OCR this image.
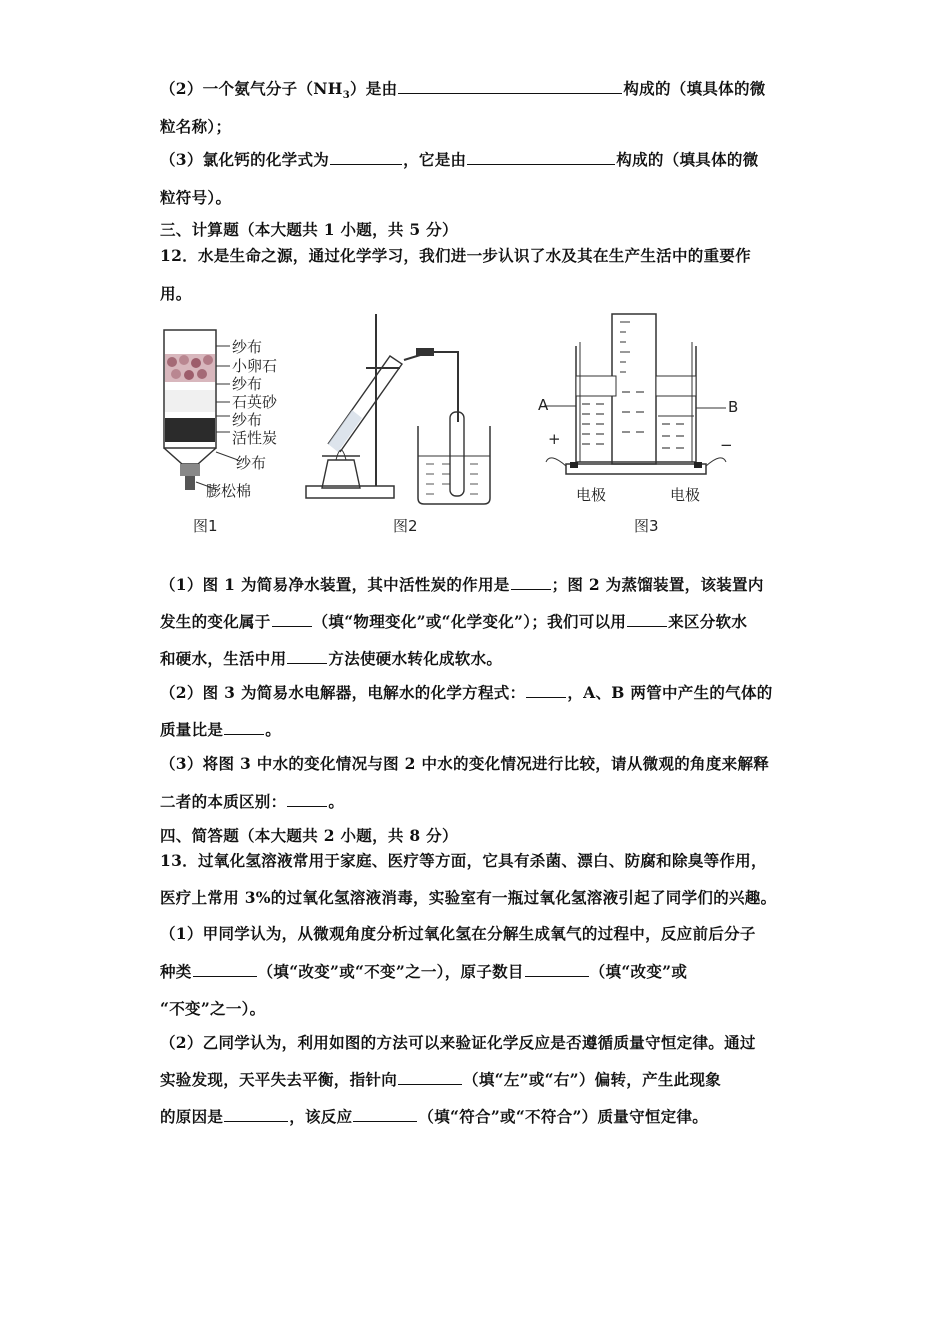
（2）一个氨气分子$(NH_3)$是由	构成的（填具体的微
粒名称）；
（3）氯化钙的化学式为	，它是由	构成的（填具体的微
粒符号）。
三、计算题（本大题共 1 小题，共 5 分）
12．水是生命之源，通过化学学习，我们进一步认识了水及其在生产生活中的重要作
用。
纱布
小卵石
纱布
石英砂
纱布
活性炭
纱布
膨松棉
图1	图2
A	B
+	−
电极	电极
图3
（1）图 1 为简易净水装置，其中活性炭的作用是	；图 2 为蒸馏装置，该装置内
发生的变化属于	（填“物理变化”或“化学变化”）；我们可以用	来区分软水
和硬水，生活中用	方法使硬水转化成软水。
（2）图 3 为简易水电解器，电解水的化学方程式：	，A、B 两管中产生的气体的
质量比是	。
（3）将图 3 中水的变化情况与图 2 中水的变化情况进行比较，请从微观的角度来解释
二者的本质区别：	。
四、简答题（本大题共 2 小题，共 8 分）
13．过氧化氢溶液常用于家庭、医疗等方面，它具有杀菌、漂白、防腐和除臭等作用，
医疗上常用 3%的过氧化氢溶液消毒，实验室有一瓶过氧化氢溶液引起了同学们的兴趣。
（1）甲同学认为，从微观角度分析过氧化氢在分解生成氧气的过程中，反应前后分子
种类	（填“改变”或“不变”之一），原子数目	（填“改变”或
“不变”之一）。
（2）乙同学认为，利用如图的方法可以来验证化学反应是否遵循质量守恒定律。通过
实验发现，天平失去平衡，指针向	（填“左”或“右”）偏转，产生此现象
的原因是	，该反应	（填“符合”或“不符合”）质量守恒定律。
